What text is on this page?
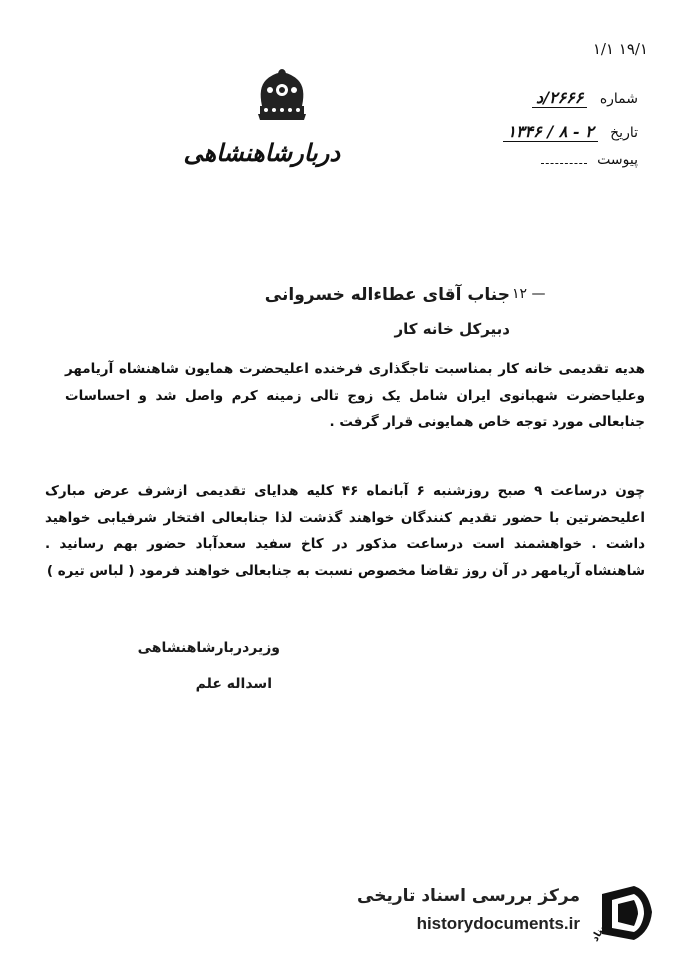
دربارشاهنشاهی
۱۹/۱ ۱/۱
شماره ۲۶۶۶/د
تاریخ ۲ - ۸ / ۱۳۴۶
پیوست
۱۲ —
جناب آقای عطاءاله خسروانی
دبیرکل خانه کار
هدیه تقدیمی خانه کار بمناسبت تاجگذاری فرخنده اعلیحضرت همایون شاهنشاه آریامهر وعلیاحضرت شهبانوی ایران شامل یک زوج تالی زمینه کرم واصل شد و احساسات جنابعالی مورد توجه خاص همایونی قرار گرفت .
چون درساعت ۹ صبح روزشنبه ۶ آبانماه ۴۶ کلیه هدایای تقدیمی ازشرف عرض مبارک اعلیحضرتین با حضور تقدیم کنندگان خواهند گذشت لذا جنابعالی افتخار شرفیابی خواهید داشت . خواهشمند است درساعت مذکور در کاخ سفید سعدآباد حضور بهم رسانید . شاهنشاه آریامهر در آن روز تقاضا مخصوص نسبت به جنابعالی خواهند فرمود ( لباس تیره )
وزیردربارشاهنشاهی
اسداله علم
مرکز بررسی اسناد تاریخی
historydocuments.ir اسناد
